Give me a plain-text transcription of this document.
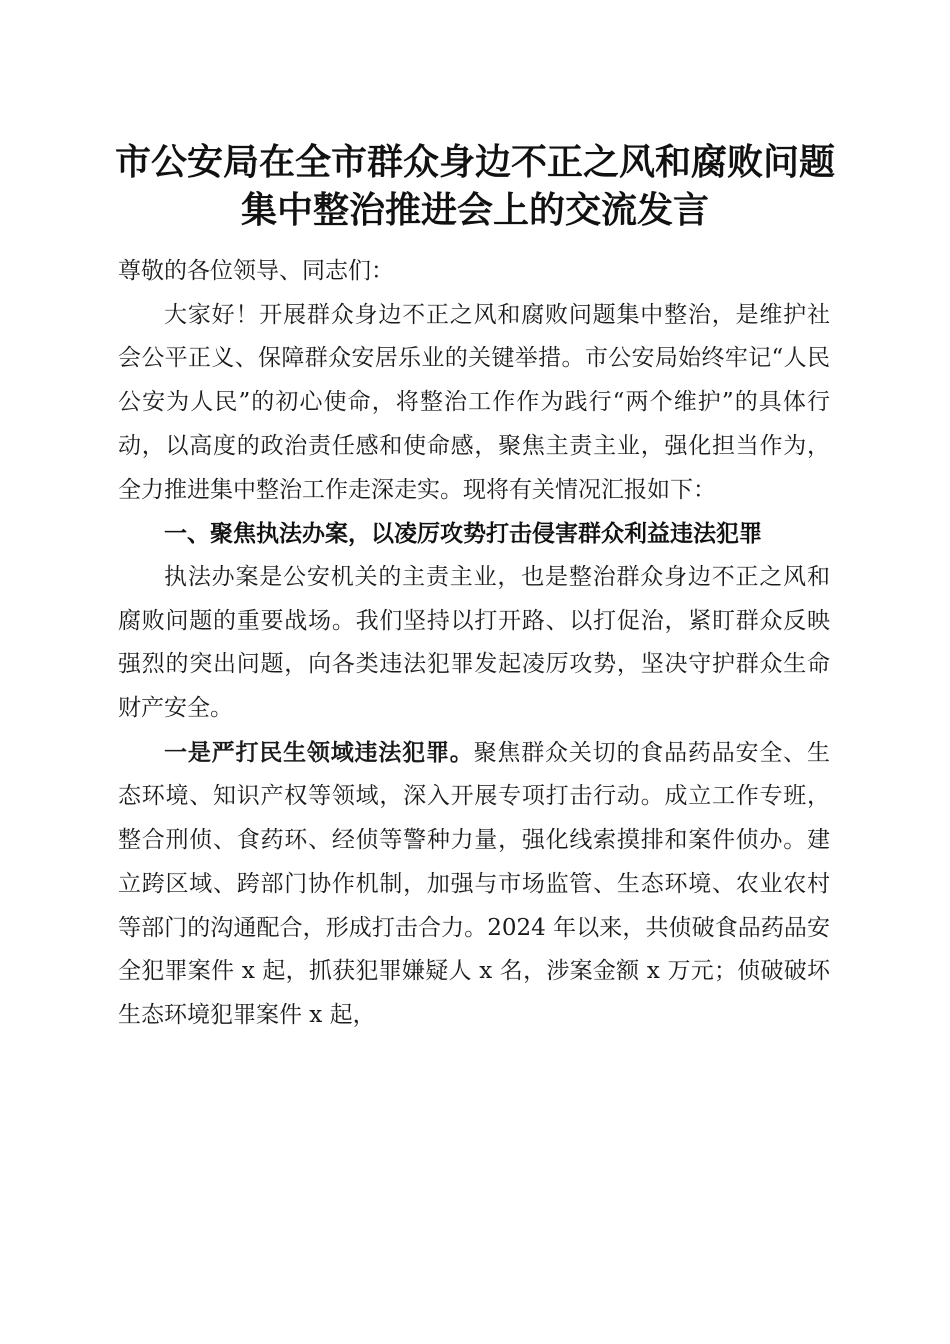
市公安局在全市群众身边不正之风和腐败问题
集中整治推进会上的交流发言

尊敬的各位领导、同志们：

大家好！开展群众身边不正之风和腐败问题集中整治，是维护社会公平正义、保障群众安居乐业的关键举措。市公安局始终牢记“人民公安为人民”的初心使命，将整治工作作为践行“两个维护”的具体行动，以高度的政治责任感和使命感，聚焦主责主业，强化担当作为，全力推进集中整治工作走深走实。现将有关情况汇报如下：

一、聚焦执法办案，以凌厉攻势打击侵害群众利益违法犯罪

执法办案是公安机关的主责主业，也是整治群众身边不正之风和腐败问题的重要战场。我们坚持以打开路、以打促治，紧盯群众反映强烈的突出问题，向各类违法犯罪发起凌厉攻势，坚决守护群众生命财产安全。

一是严打民生领域违法犯罪。聚焦群众关切的食品药品安全、生态环境、知识产权等领域，深入开展专项打击行动。成立工作专班，整合刑侦、食药环、经侦等警种力量，强化线索摸排和案件侦办。建立跨区域、跨部门协作机制，加强与市场监管、生态环境、农业农村等部门的沟通配合，形成打击合力。2024 年以来，共侦破食品药品安全犯罪案件 x 起，抓获犯罪嫌疑人 x 名，涉案金额 x 万元；侦破破坏生态环境犯罪案件 x 起，
